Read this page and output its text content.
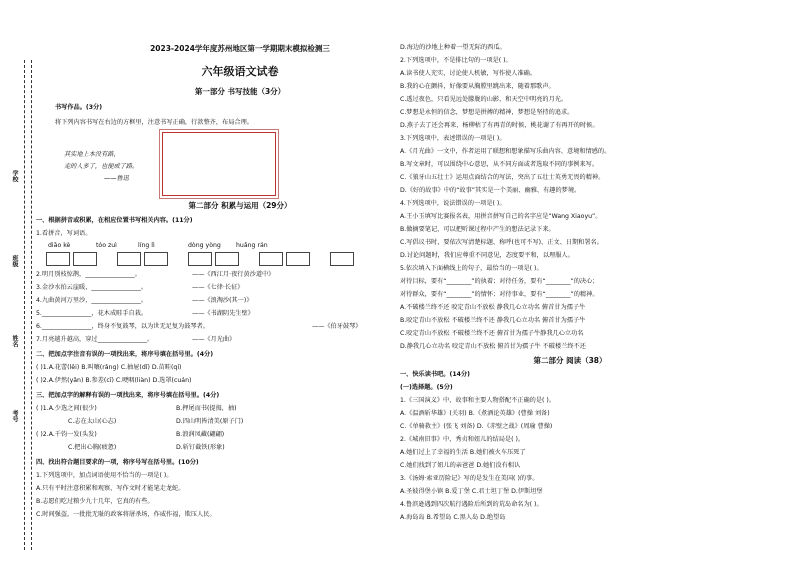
学校
班级
姓名
考号
2023-2024学年度苏州地区第一学期期末模拟检测三
六年级语文试卷
第一部分 书写技能（3分）
书写作品。(3分)
将下列内容书写在右边的方框里，注意书写正确，行款整齐，布局合理。
其实地上本没有路，
走的人多了，也便成了路。
——鲁迅
第二部分 积累与运用（29分）
一、根据拼音或积累，在相应位置书写相关内容。(11分)
1.看拼音，写词语。
diāo kè	tóo zuì	líng lì	dòng yòng huǎng rán
2.明月别枝惊鹊，________________。	——《西江月·夜行黄沙道中》
3.金沙水拍云崖暖，________________。	——《七律·长征》
4.九曲黄河万里沙，________________。	——《浪淘沙(其一)》
5.________________，花木成畦手自栽。	——《书湖阴先生壁》
6.________________，终身不复鼓琴，以为世无足复为鼓琴者。	——《伯牙鼓琴》
7.月亮越升越高，穿过________________。	——《月光曲》
二、把加点字注音有误的一项找出来，将序号填在括号里。(4分)
( )1.A.花蕾(lěi) B.叫嚷(rǎng) C.抽屉(dǐ) D.苗畦(qí)
( )2.A.伊然(yǎn) B.参差(cī) C.哽咽(liàn) D.选罩(cuán)
三、把加点字的解释有误的一项找出来，将序号填在括号里。(4分)
( )1.A.少选之间(很少)	B.押尾而书(提拇，抽)
C.志在太山(心志)	D.四山明皆清美(原子门)
( )2.A.千钧一发(头发)	B.浪润凤藏(翩翩)
C.把出心胸(疲惫)	D.斩钉截铁(形象)
四、找出符合题目要求的一项，将序号写在括号里。(10分)
1.下列选项中，加点词语使用不恰当的一项是( )。
A.只有平时注意积累和观察，写作文时才能笔走龙蛇。
B.志愿们吃过粮少九十几年，它真的有些。
C.时间强盗，一批批无耻的政客将屠杀场，作威作福，欺压人民。
D.海边的沙地上种着一望无际的西瓜。
2.下列选项中，不是排比句的一项是( )。
A.读书使人充实，讨论使人机敏，写作使人准确。
B.我的心在颤抖，好像要从胸膛里跳出来，随着那歌声。
C.透过夜色，只看见远处朦胧的山影，和天空中明亮的月光。
C.梦想是永恒的信念，梦想是拼搏的精神，梦想是坚持的追求。
D.燕子去了还会再来，杨柳枯了有再青的时候，桃花谢了有再开的时候。
3.下列选项中，表述错误的一项是( )。
A.《月光曲》一文中，作者运用了联想和想象描写乐曲内容、意境和情感的。
B.写文章时，可以围绕中心意思，从不同方面或者选取不同的事例来写。
C.《狼牙山五壮士》运用点面结合的写法，突出了五壮士英勇无畏的精神。
D.《好的故事》中的“故事”其实是一个美丽、幽雅、有趣的梦境。
4.下列选项中，说法错误的一项是( )。
A.王小玉填写比赛报名表，用拼音拼写自己的名字应是“Wang Xiaoyu”。
B.做摘要笔记，可以把听课过程中产生的想法记录下来。
C.写倡议书时，要依次写清楚标题、称呼(也可不写)、正文、日期和署名。
D.讨论问题时，我们应尊重不同意见，态度要平和，以理服人。
5.依次填入下面横线上的句子，最恰当的一项是( )。
对待目标，要有“________”的执着；对待任务，要有“________”的决心；
对待群众，要有“________”的情怀；对待事业，要有“________”的精神。
A.不破楼兰终不还 咬定青山不放松 静我几心立功名 俯首甘为孺子牛
B.咬定青山不放松 不破楼兰终不还 静我几心立功名 俯首甘为孺子牛
C.咬定青山不放松 不破楼兰终不还 俯首甘为孺子牛静我几心立功名
D.静我几心立功名 咬定青山不放松 俯首甘为孺子牛 不破楼兰终不还
第二部分 阅读（38）
一、快乐读书吧。(14分)
(一)选择题。(5分)
1.《三国演义》中，故事和主要人物搭配不正确的是( )。
A.《温酒斩华雄》(关羽) B.《煮酒论英雄》(曹操 刘备)
C.《单骑救主》(张飞 刘备) D.《赤壁之战》(周瑜 曹操)
2.《城南旧事》中，秀贞和妞儿的结局是( )。
A.她们过上了幸福的生活 B.她们被火车压死了
C.她们找到了妞儿的亲爸爸 D.她们没有相认
3.《汤姆·索亚历险记》写的是发生在美国( )的事。
A.圣彼得堡小镇 B.爱丁堡 C.君士坦丁堡 D.伊斯坦堡
4.鲁滨逊遇到四次航行遇险后所到的荒岛命名为( )。
A.海岛岛 B.希望岛 C.黑人岛 D.绝望岛
